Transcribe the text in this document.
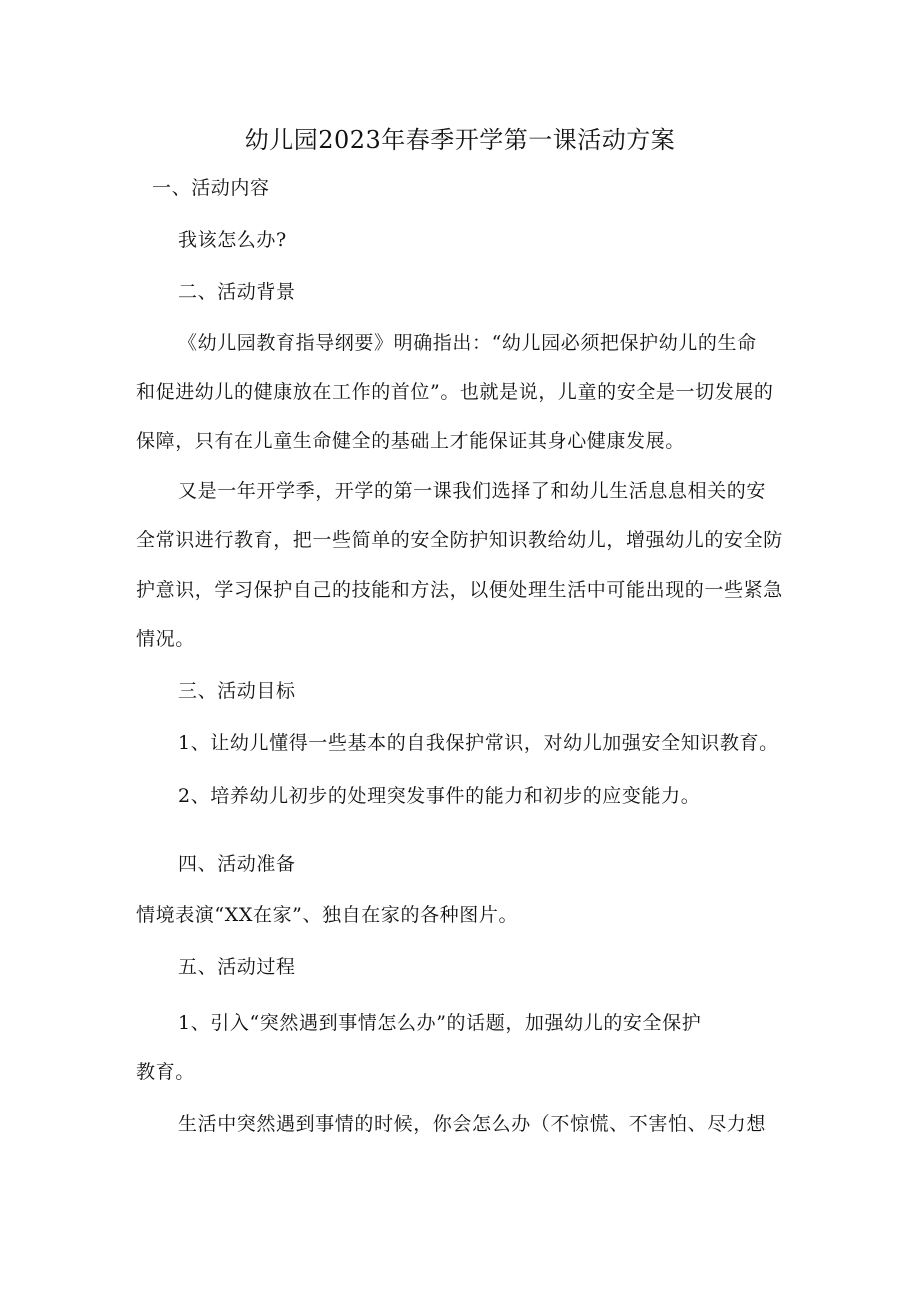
幼儿园2023年春季开学第一课活动方案
一、活动内容
我该怎么办?
二、活动背景
《幼儿园教育指导纲要》明确指出：“幼儿园必须把保护幼儿的生命
和促进幼儿的健康放在工作的首位”。也就是说，儿童的安全是一切发展的
保障，只有在儿童生命健全的基础上才能保证其身心健康发展。
又是一年开学季，开学的第一课我们选择了和幼儿生活息息相关的安
全常识进行教育，把一些简单的安全防护知识教给幼儿，增强幼儿的安全防
护意识，学习保护自己的技能和方法，以便处理生活中可能出现的一些紧急
情况。
三、活动目标
1、让幼儿懂得一些基本的自我保护常识，对幼儿加强安全知识教育。
2、培养幼儿初步的处理突发事件的能力和初步的应变能力。
四、活动准备
情境表演“XX在家”、独自在家的各种图片。
五、活动过程
1、引入“突然遇到事情怎么办”的话题，加强幼儿的安全保护
教育。
生活中突然遇到事情的时候，你会怎么办（不惊慌、不害怕、尽力想
